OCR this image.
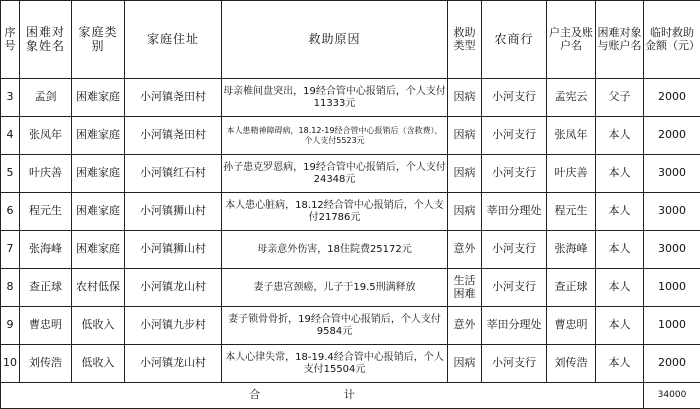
序号	困难对象姓名	家庭类别	家庭住址	救助原因	救助类型	农商行	户主及账户名	困难对象与账户名	临时救助金额（元）
3	孟剑	困难家庭	小河镇尧田村	母亲椎间盘突出，19经合管中心报销后，个人支付11333元	因病	小河支行	孟宪云	父子	2000
4	张凤年	困难家庭	小河镇尧田村	本人患精神障碍病，18.12-19经合管中心报销后（含救费），个人支付5523元	因病	小河支行	张凤年	本人	2000
5	叶庆善	困难家庭	小河镇红石村	孙子患克罗恩病，19经合管中心报销后，个人支付24348元	因病	小河支行	叶庆善	本人	3000
6	程元生	困难家庭	小河镇狮山村	本人患心脏病，18.12经合管中心报销后，个人支付21786元	因病	莘田分理处	程元生	本人	3000
7	张海峰	困难家庭	小河镇狮山村	母亲意外伤害，18住院费25172元	意外	小河支行	张海峰	本人	3000
8	查正球	农村低保	小河镇龙山村	妻子患宫颈癌，儿子于19.5刑满释放	生活困难	小河支行	查正球	本人	1000
9	曹忠明	低收入	小河镇九步村	妻子锁骨骨折，19经合管中心报销后，个人支付9584元	意外	莘田分理处	曹忠明	本人	1000
10	刘传浩	低收入	小河镇龙山村	本人心律失常，18-19.4经合管中心报销后，个人支付15504元	因病	小河支行	刘传浩	本人	2000
合 计									34000
